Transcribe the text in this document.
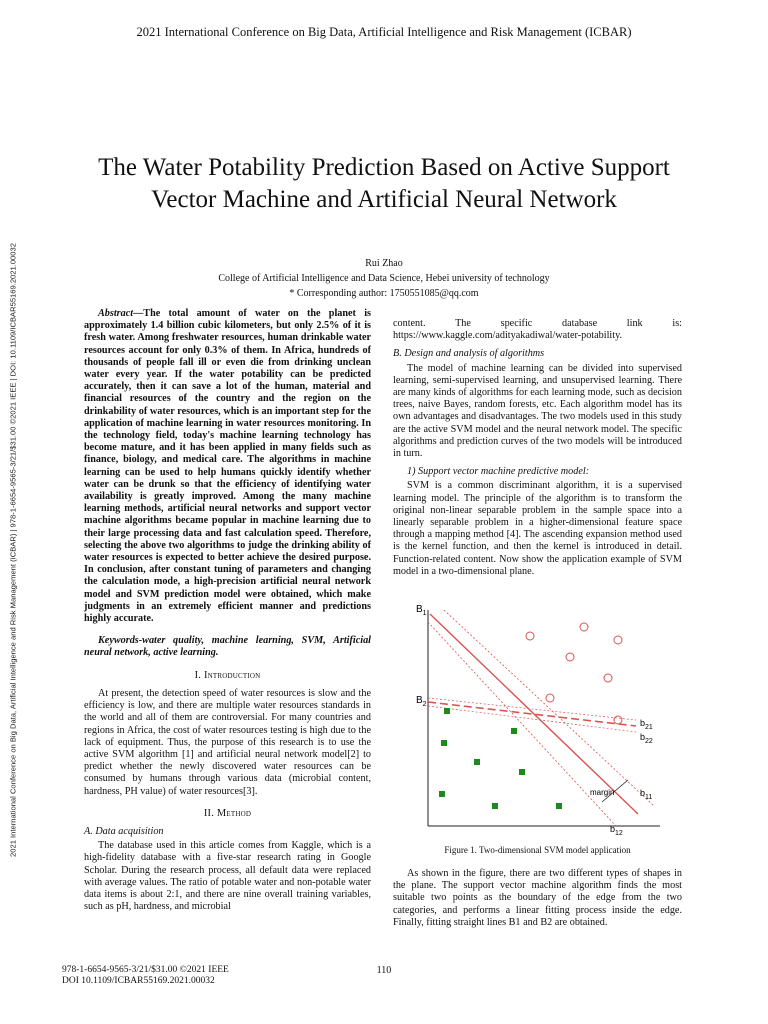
2021 International Conference on Big Data, Artificial Intelligence and Risk Management (ICBAR)
2021 International Conference on Big Data, Artificial Intelligence and Risk Management (ICBAR) | 978-1-6654-9565-3/21/$31.00 ©2021 IEEE | DOI: 10.1109/ICBAR55169.2021.00032
The Water Potability Prediction Based on Active Support Vector Machine and Artificial Neural Network
Rui Zhao
College of Artificial Intelligence and Data Science, Hebei university of technology
* Corresponding author: 1750551085@qq.com

Abstract—The total amount of water on the planet is approximately 1.4 billion cubic kilometers, but only 2.5% of it is fresh water. Among freshwater resources, human drinkable water resources account for only 0.3% of them. In Africa, hundreds of thousands of people fall ill or even die from drinking unclean water every year. If the water potability can be predicted accurately, then it can save a lot of the human, material and financial resources of the country and the region on the drinkability of water resources, which is an important step for the application of machine learning in water resources monitoring. In the technology field, today's machine learning technology has become mature, and it has been applied in many fields such as finance, biology, and medical care. The algorithms in machine learning can be used to help humans quickly identify whether water can be drunk so that the efficiency of identifying water availability is greatly improved. Among the many machine learning methods, artificial neural networks and support vector machine algorithms became popular in machine learning due to their large processing data and fast calculation speed. Therefore, selecting the above two algorithms to judge the drinking ability of water resources is expected to better achieve the desired purpose. In conclusion, after constant tuning of parameters and changing the calculation mode, a high-precision artificial neural network model and SVM prediction model were obtained, which make judgments in an extremely efficient manner and predictions highly accurate.

Keywords-water quality, machine learning, SVM, Artificial neural network, active learning.

I. Introduction

At present, the detection speed of water resources is slow and the efficiency is low, and there are multiple water resources standards in the world and all of them are controversial. For many countries and regions in Africa, the cost of water resources testing is high due to the lack of equipment. Thus, the purpose of this research is to use the active SVM algorithm [1] and artificial neural network model[2] to predict whether the newly discovered water resources can be consumed by humans through various data (microbial content, hardness, PH value) of water resources[3].

II. Method
A. Data acquisition

The database used in this article comes from Kaggle, which is a high-fidelity database with a five-star research rating in Google Scholar. During the research process, all default data were replaced with average values. The ratio of potable water and non-potable water data items is about 2:1, and there are nine overall training variables, such as pH, hardness, and microbial

content. The specific database link is: https://www.kaggle.com/adityakadiwal/water-potability.

B. Design and analysis of algorithms

The model of machine learning can be divided into supervised learning, semi-supervised learning, and unsupervised learning. There are many kinds of algorithms for each learning mode, such as decision trees, naive Bayes, random forests, etc. Each algorithm model has its own advantages and disadvantages. The two models used in this study are the active SVM model and the neural network model. The specific algorithms and prediction curves of the two models will be introduced in turn.

1) Support vector machine predictive model:

SVM is a common discriminant algorithm, it is a supervised learning model. The principle of the algorithm is to transform the original non-linear separable problem in the sample space into a linearly separable problem in a higher-dimensional feature space through a mapping method [4]. The ascending expansion method used is the kernel function, and then the kernel is introduced in detail. Function-related content. Now show the application example of SVM model in a two-dimensional plane.

margin
$B_1$
$B_2$
$b_{21}$
$b_{22}$
$b_{11}$
$b_{12}$
Figure 1. Two-dimensional SVM model application

As shown in the figure, there are two different types of shapes in the plane. The support vector machine algorithm finds the most suitable two points as the boundary of the edge from the two categories, and performs a linear fitting process inside the edge. Finally, fitting straight lines B1 and B2 are obtained.

978-1-6654-9565-3/21/$31.00 ©2021 IEEE
DOI 10.1109/ICBAR55169.2021.00032
110
